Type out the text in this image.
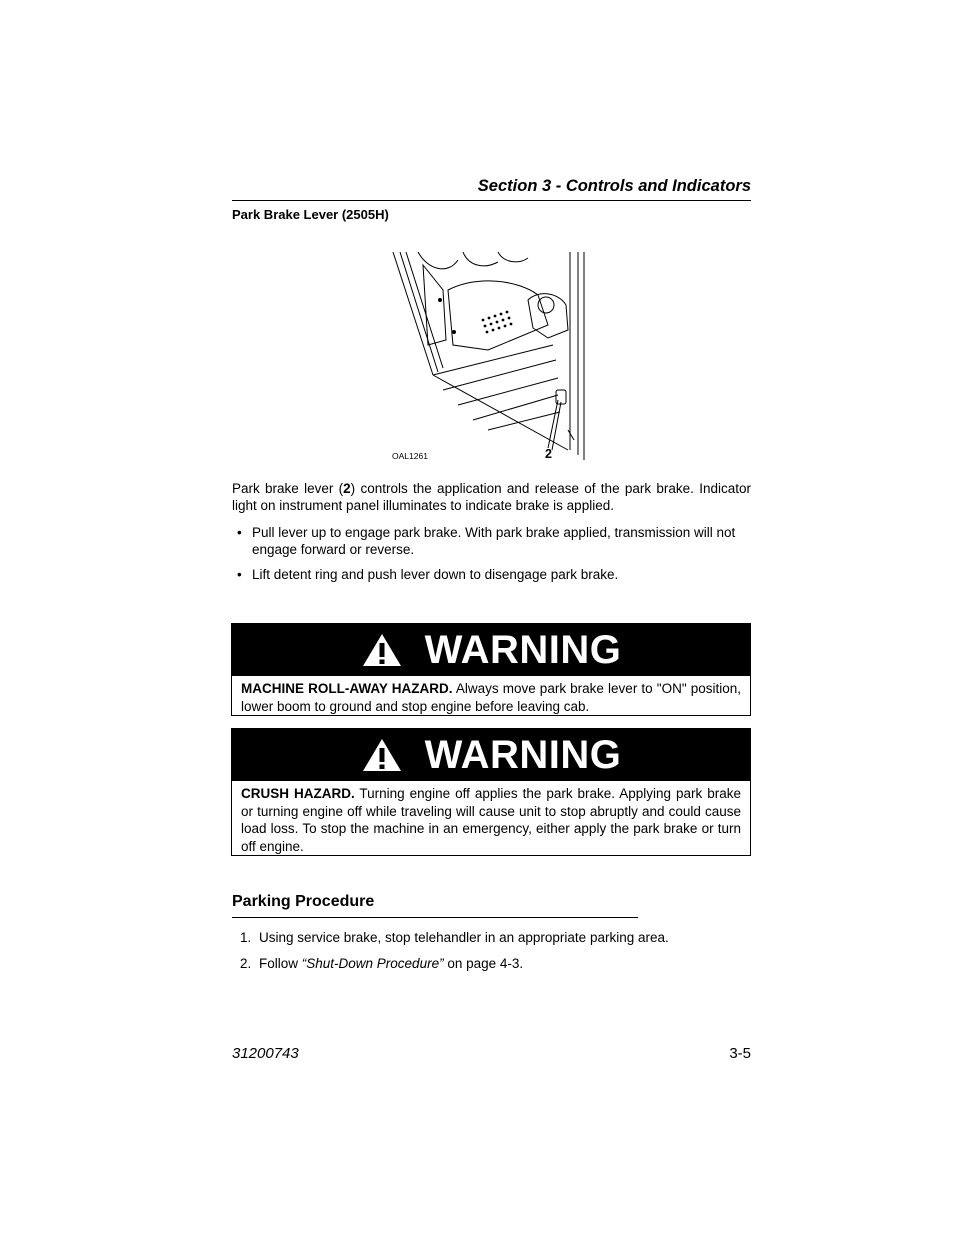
Section 3 - Controls and Indicators
Park Brake Lever (2505H)
OAL1261	2
Park brake lever (2) controls the application and release of the park brake. Indicator light on instrument panel illuminates to indicate brake is applied.
• Pull lever up to engage park brake. With park brake applied, transmission will not engage forward or reverse.
• Lift detent ring and push lever down to disengage park brake.
WARNING
MACHINE ROLL-AWAY HAZARD. Always move park brake lever to "ON" position, lower boom to ground and stop engine before leaving cab.
WARNING
CRUSH HAZARD. Turning engine off applies the park brake. Applying park brake or turning engine off while traveling will cause unit to stop abruptly and could cause load loss. To stop the machine in an emergency, either apply the park brake or turn off engine.
Parking Procedure
1. Using service brake, stop telehandler in an appropriate parking area.
2. Follow “Shut-Down Procedure” on page 4-3.
31200743	3-5
